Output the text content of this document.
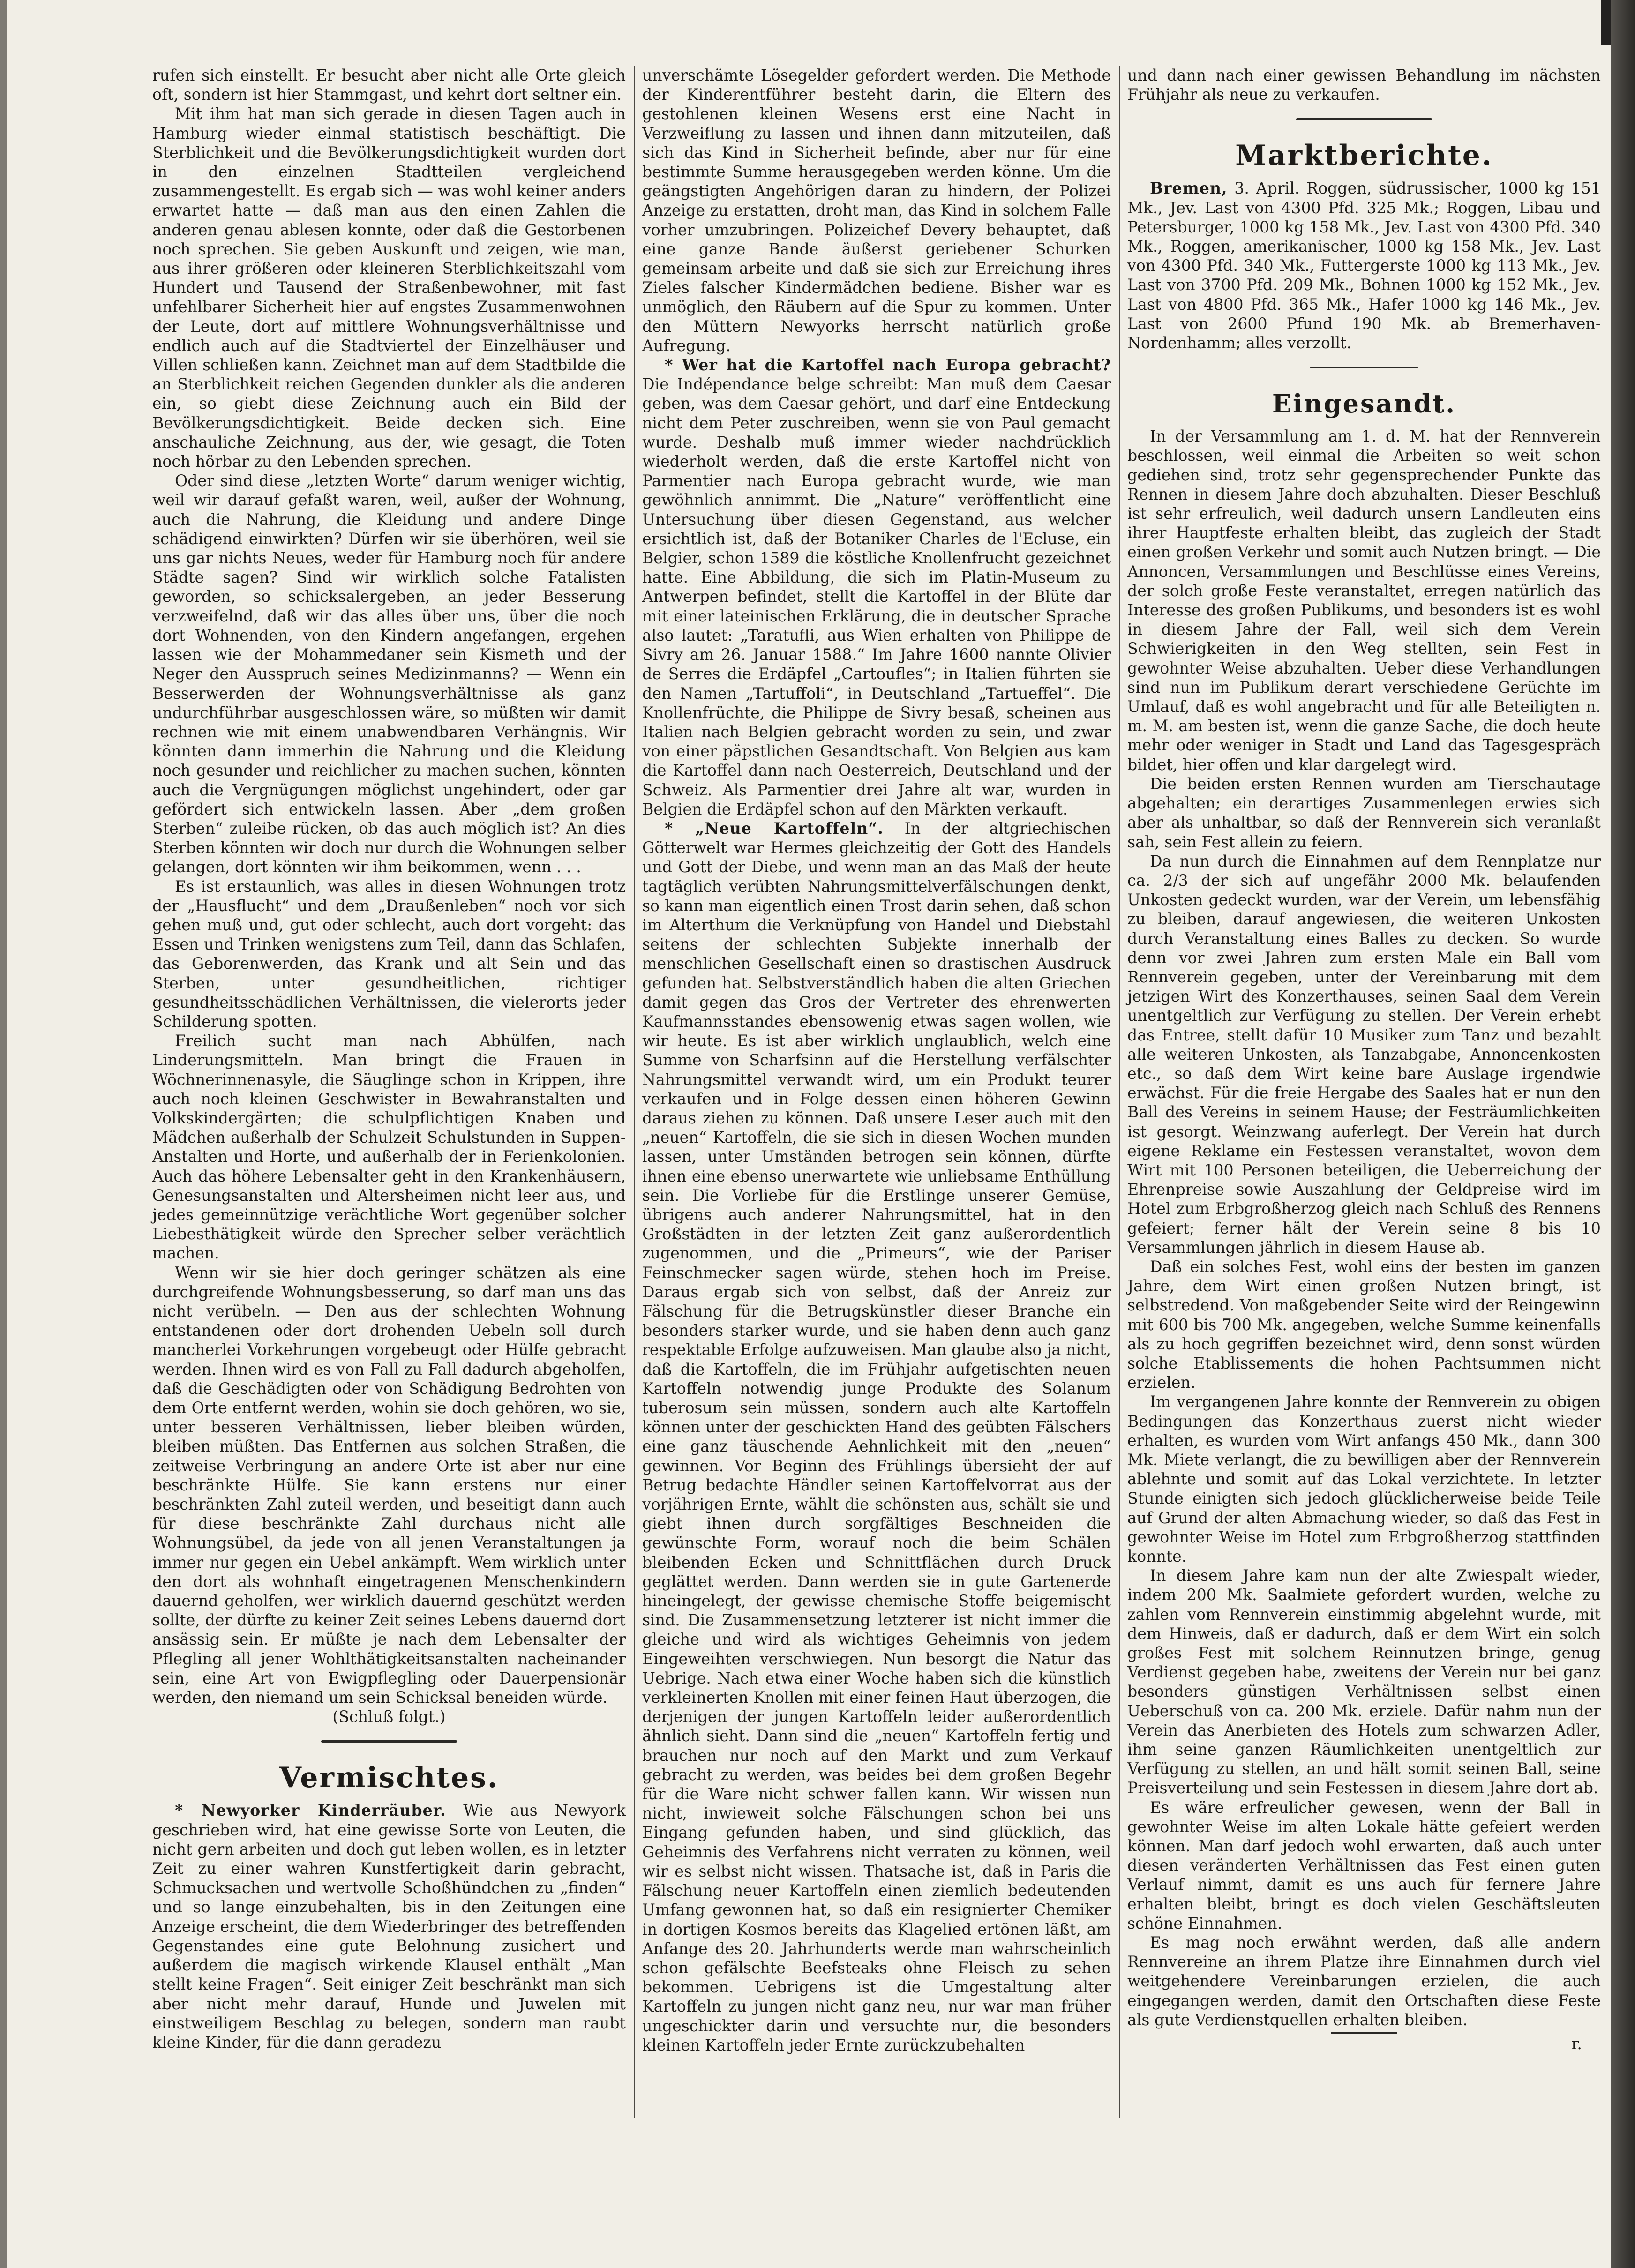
rufen sich einstellt. Er besucht aber nicht alle Orte gleich oft, sondern ist hier Stammgast, und kehrt dort seltner ein.

Mit ihm hat man sich gerade in diesen Tagen auch in Hamburg wieder einmal statistisch beschäftigt. Die Sterblichkeit und die Bevölkerungsdichtigkeit wurden dort in den einzelnen Stadtteilen vergleichend zusammengestellt. Es ergab sich — was wohl keiner anders erwartet hatte — daß man aus den einen Zahlen die anderen genau ablesen konnte, oder daß die Gestorbenen noch sprechen. Sie geben Auskunft und zeigen, wie man, aus ihrer größeren oder kleineren Sterblichkeitszahl vom Hundert und Tausend der Straßenbewohner, mit fast unfehlbarer Sicherheit hier auf engstes Zusammenwohnen der Leute, dort auf mittlere Wohnungsverhältnisse und endlich auch auf die Stadtviertel der Einzelhäuser und Villen schließen kann. Zeichnet man auf dem Stadtbilde die an Sterblichkeit reichen Gegenden dunkler als die anderen ein, so giebt diese Zeichnung auch ein Bild der Bevölkerungsdichtigkeit. Beide decken sich. Eine anschauliche Zeichnung, aus der, wie gesagt, die Toten noch hörbar zu den Lebenden sprechen.

Oder sind diese „letzten Worte“ darum weniger wichtig, weil wir darauf gefaßt waren, weil, außer der Wohnung, auch die Nahrung, die Kleidung und andere Dinge schädigend einwirkten? Dürfen wir sie überhören, weil sie uns gar nichts Neues, weder für Hamburg noch für andere Städte sagen? Sind wir wirklich solche Fatalisten geworden, so schicksalergeben, an jeder Besserung verzweifelnd, daß wir das alles über uns, über die noch dort Wohnenden, von den Kindern angefangen, ergehen lassen wie der Mohammedaner sein Kismeth und der Neger den Ausspruch seines Medizinmanns? — Wenn ein Besserwerden der Wohnungsverhältnisse als ganz undurchführbar ausgeschlossen wäre, so müßten wir damit rechnen wie mit einem unabwendbaren Verhängnis. Wir könnten dann immerhin die Nahrung und die Kleidung noch gesunder und reichlicher zu machen suchen, könnten auch die Vergnügungen möglichst ungehindert, oder gar gefördert sich entwickeln lassen. Aber „dem großen Sterben“ zuleibe rücken, ob das auch möglich ist? An dies Sterben könnten wir doch nur durch die Wohnungen selber gelangen, dort könnten wir ihm beikommen, wenn . . .

Es ist erstaunlich, was alles in diesen Wohnungen trotz der „Hausflucht“ und dem „Draußenleben“ noch vor sich gehen muß und, gut oder schlecht, auch dort vorgeht: das Essen und Trinken wenigstens zum Teil, dann das Schlafen, das Geborenwerden, das Krank und alt Sein und das Sterben, unter gesundheitlichen, richtiger gesundheitsschädlichen Verhältnissen, die vielerorts jeder Schilderung spotten.

Freilich sucht man nach Abhülfen, nach Linderungsmitteln. Man bringt die Frauen in Wöchnerinnenasyle, die Säuglinge schon in Krippen, ihre auch noch kleinen Geschwister in Bewahranstalten und Volkskindergärten; die schulpflichtigen Knaben und Mädchen außerhalb der Schulzeit Schulstunden in Suppen-Anstalten und Horte, und außerhalb der in Ferienkolonien. Auch das höhere Lebensalter geht in den Krankenhäusern, Genesungsanstalten und Altersheimen nicht leer aus, und jedes gemeinnützige verächtliche Wort gegenüber solcher Liebesthätigkeit würde den Sprecher selber verächtlich machen.

Wenn wir sie hier doch geringer schätzen als eine durchgreifende Wohnungsbesserung, so darf man uns das nicht verübeln. — Den aus der schlechten Wohnung entstandenen oder dort drohenden Uebeln soll durch mancherlei Vorkehrungen vorgebeugt oder Hülfe gebracht werden. Ihnen wird es von Fall zu Fall dadurch abgeholfen, daß die Geschädigten oder von Schädigung Bedrohten von dem Orte entfernt werden, wohin sie doch gehören, wo sie, unter besseren Verhältnissen, lieber bleiben würden, bleiben müßten. Das Entfernen aus solchen Straßen, die zeitweise Verbringung an andere Orte ist aber nur eine beschränkte Hülfe. Sie kann erstens nur einer beschränkten Zahl zuteil werden, und beseitigt dann auch für diese beschränkte Zahl durchaus nicht alle Wohnungsübel, da jede von all jenen Veranstaltungen ja immer nur gegen ein Uebel ankämpft. Wem wirklich unter den dort als wohnhaft eingetragenen Menschenkindern dauernd geholfen, wer wirklich dauernd geschützt werden sollte, der dürfte zu keiner Zeit seines Lebens dauernd dort ansässig sein. Er müßte je nach dem Lebensalter der Pflegling all jener Wohlthätigkeitsanstalten nacheinander sein, eine Art von Ewigpflegling oder Dauerpensionär werden, den niemand um sein Schicksal beneiden würde.

(Schluß folgt.)

Vermischtes.

* Newyorker Kinderräuber. Wie aus Newyork geschrieben wird, hat eine gewisse Sorte von Leuten, die nicht gern arbeiten und doch gut leben wollen, es in letzter Zeit zu einer wahren Kunstfertigkeit darin gebracht, Schmucksachen und wertvolle Schoßhündchen zu „finden“ und so lange einzubehalten, bis in den Zeitungen eine Anzeige erscheint, die dem Wiederbringer des betreffenden Gegenstandes eine gute Belohnung zusichert und außerdem die magisch wirkende Klausel enthält „Man stellt keine Fragen“. Seit einiger Zeit beschränkt man sich aber nicht mehr darauf, Hunde und Juwelen mit einstweiligem Beschlag zu belegen, sondern man raubt kleine Kinder, für die dann geradezu

unverschämte Lösegelder gefordert werden. Die Methode der Kinderentführer besteht darin, die Eltern des gestohlenen kleinen Wesens erst eine Nacht in Verzweiflung zu lassen und ihnen dann mitzuteilen, daß sich das Kind in Sicherheit befinde, aber nur für eine bestimmte Summe herausgegeben werden könne. Um die geängstigten Angehörigen daran zu hindern, der Polizei Anzeige zu erstatten, droht man, das Kind in solchem Falle vorher umzubringen. Polizeichef Devery behauptet, daß eine ganze Bande äußerst geriebener Schurken gemeinsam arbeite und daß sie sich zur Erreichung ihres Zieles falscher Kindermädchen bediene. Bisher war es unmöglich, den Räubern auf die Spur zu kommen. Unter den Müttern Newyorks herrscht natürlich große Aufregung.

* Wer hat die Kartoffel nach Europa gebracht? Die Indépendance belge schreibt: Man muß dem Caesar geben, was dem Caesar gehört, und darf eine Entdeckung nicht dem Peter zuschreiben, wenn sie von Paul gemacht wurde. Deshalb muß immer wieder nachdrücklich wiederholt werden, daß die erste Kartoffel nicht von Parmentier nach Europa gebracht wurde, wie man gewöhnlich annimmt. Die „Nature“ veröffentlicht eine Untersuchung über diesen Gegenstand, aus welcher ersichtlich ist, daß der Botaniker Charles de l'Ecluse, ein Belgier, schon 1589 die köstliche Knollenfrucht gezeichnet hatte. Eine Abbildung, die sich im Platin-Museum zu Antwerpen befindet, stellt die Kartoffel in der Blüte dar mit einer lateinischen Erklärung, die in deutscher Sprache also lautet: „Taratufli, aus Wien erhalten von Philippe de Sivry am 26. Januar 1588.“ Im Jahre 1600 nannte Olivier de Serres die Erdäpfel „Cartoufles“; in Italien führten sie den Namen „Tartuffoli“, in Deutschland „Tartueffel“. Die Knollenfrüchte, die Philippe de Sivry besaß, scheinen aus Italien nach Belgien gebracht worden zu sein, und zwar von einer päpstlichen Gesandtschaft. Von Belgien aus kam die Kartoffel dann nach Oesterreich, Deutschland und der Schweiz. Als Parmentier drei Jahre alt war, wurden in Belgien die Erdäpfel schon auf den Märkten verkauft.

* „Neue Kartoffeln“. In der altgriechischen Götterwelt war Hermes gleichzeitig der Gott des Handels und Gott der Diebe, und wenn man an das Maß der heute tagtäglich verübten Nahrungsmittelverfälschungen denkt, so kann man eigentlich einen Trost darin sehen, daß schon im Alterthum die Verknüpfung von Handel und Diebstahl seitens der schlechten Subjekte innerhalb der menschlichen Gesellschaft einen so drastischen Ausdruck gefunden hat. Selbstverständlich haben die alten Griechen damit gegen das Gros der Vertreter des ehrenwerten Kaufmannsstandes ebensowenig etwas sagen wollen, wie wir heute. Es ist aber wirklich unglaublich, welch eine Summe von Scharfsinn auf die Herstellung verfälschter Nahrungsmittel verwandt wird, um ein Produkt teurer verkaufen und in Folge dessen einen höheren Gewinn daraus ziehen zu können. Daß unsere Leser auch mit den „neuen“ Kartoffeln, die sie sich in diesen Wochen munden lassen, unter Umständen betrogen sein können, dürfte ihnen eine ebenso unerwartete wie unliebsame Enthüllung sein. Die Vorliebe für die Erstlinge unserer Gemüse, übrigens auch anderer Nahrungsmittel, hat in den Großstädten in der letzten Zeit ganz außerordentlich zugenommen, und die „Primeurs“, wie der Pariser Feinschmecker sagen würde, stehen hoch im Preise. Daraus ergab sich von selbst, daß der Anreiz zur Fälschung für die Betrugskünstler dieser Branche ein besonders starker wurde, und sie haben denn auch ganz respektable Erfolge aufzuweisen. Man glaube also ja nicht, daß die Kartoffeln, die im Frühjahr aufgetischten neuen Kartoffeln notwendig junge Produkte des Solanum tuberosum sein müssen, sondern auch alte Kartoffeln können unter der geschickten Hand des geübten Fälschers eine ganz täuschende Aehnlichkeit mit den „neuen“ gewinnen. Vor Beginn des Frühlings übersieht der auf Betrug bedachte Händler seinen Kartoffelvorrat aus der vorjährigen Ernte, wählt die schönsten aus, schält sie und giebt ihnen durch sorgfältiges Beschneiden die gewünschte Form, worauf noch die beim Schälen bleibenden Ecken und Schnittflächen durch Druck geglättet werden. Dann werden sie in gute Gartenerde hineingelegt, der gewisse chemische Stoffe beigemischt sind. Die Zusammensetzung letzterer ist nicht immer die gleiche und wird als wichtiges Geheimnis von jedem Eingeweihten verschwiegen. Nun besorgt die Natur das Uebrige. Nach etwa einer Woche haben sich die künstlich verkleinerten Knollen mit einer feinen Haut überzogen, die derjenigen der jungen Kartoffeln leider außerordentlich ähnlich sieht. Dann sind die „neuen“ Kartoffeln fertig und brauchen nur noch auf den Markt und zum Verkauf gebracht zu werden, was beides bei dem großen Begehr für die Ware nicht schwer fallen kann. Wir wissen nun nicht, inwieweit solche Fälschungen schon bei uns Eingang gefunden haben, und sind glücklich, das Geheimnis des Verfahrens nicht verraten zu können, weil wir es selbst nicht wissen. Thatsache ist, daß in Paris die Fälschung neuer Kartoffeln einen ziemlich bedeutenden Umfang gewonnen hat, so daß ein resignierter Chemiker in dortigen Kosmos bereits das Klagelied ertönen läßt, am Anfange des 20. Jahrhunderts werde man wahrscheinlich schon gefälschte Beefsteaks ohne Fleisch zu sehen bekommen. Uebrigens ist die Umgestaltung alter Kartoffeln zu jungen nicht ganz neu, nur war man früher ungeschickter darin und versuchte nur, die besonders kleinen Kartoffeln jeder Ernte zurückzubehalten

und dann nach einer gewissen Behandlung im nächsten Frühjahr als neue zu verkaufen.

Marktberichte.

Bremen, 3. April. Roggen, südrussischer, 1000 kg 151 Mk., Jev. Last von 4300 Pfd. 325 Mk.; Roggen, Libau und Petersburger, 1000 kg 158 Mk., Jev. Last von 4300 Pfd. 340 Mk., Roggen, amerikanischer, 1000 kg 158 Mk., Jev. Last von 4300 Pfd. 340 Mk., Futtergerste 1000 kg 113 Mk., Jev. Last von 3700 Pfd. 209 Mk., Bohnen 1000 kg 152 Mk., Jev. Last von 4800 Pfd. 365 Mk., Hafer 1000 kg 146 Mk., Jev. Last von 2600 Pfund 190 Mk. ab Bremerhaven-Nordenhamm; alles verzollt.

Eingesandt.

In der Versammlung am 1. d. M. hat der Rennverein beschlossen, weil einmal die Arbeiten so weit schon gediehen sind, trotz sehr gegensprechender Punkte das Rennen in diesem Jahre doch abzuhalten. Dieser Beschluß ist sehr erfreulich, weil dadurch unsern Landleuten eins ihrer Hauptfeste erhalten bleibt, das zugleich der Stadt einen großen Verkehr und somit auch Nutzen bringt. — Die Annoncen, Versammlungen und Beschlüsse eines Vereins, der solch große Feste veranstaltet, erregen natürlich das Interesse des großen Publikums, und besonders ist es wohl in diesem Jahre der Fall, weil sich dem Verein Schwierigkeiten in den Weg stellten, sein Fest in gewohnter Weise abzuhalten. Ueber diese Verhandlungen sind nun im Publikum derart verschiedene Gerüchte im Umlauf, daß es wohl angebracht und für alle Beteiligten n. m. M. am besten ist, wenn die ganze Sache, die doch heute mehr oder weniger in Stadt und Land das Tagesgespräch bildet, hier offen und klar dargelegt wird.

Die beiden ersten Rennen wurden am Tierschautage abgehalten; ein derartiges Zusammenlegen erwies sich aber als unhaltbar, so daß der Rennverein sich veranlaßt sah, sein Fest allein zu feiern.

Da nun durch die Einnahmen auf dem Rennplatze nur ca. 2/3 der sich auf ungefähr 2000 Mk. belaufenden Unkosten gedeckt wurden, war der Verein, um lebensfähig zu bleiben, darauf angewiesen, die weiteren Unkosten durch Veranstaltung eines Balles zu decken. So wurde denn vor zwei Jahren zum ersten Male ein Ball vom Rennverein gegeben, unter der Vereinbarung mit dem jetzigen Wirt des Konzerthauses, seinen Saal dem Verein unentgeltlich zur Verfügung zu stellen. Der Verein erhebt das Entree, stellt dafür 10 Musiker zum Tanz und bezahlt alle weiteren Unkosten, als Tanzabgabe, Annoncenkosten etc., so daß dem Wirt keine bare Auslage irgendwie erwächst. Für die freie Hergabe des Saales hat er nun den Ball des Vereins in seinem Hause; der Festräumlichkeiten ist gesorgt. Weinzwang auferlegt. Der Verein hat durch eigene Reklame ein Festessen veranstaltet, wovon dem Wirt mit 100 Personen beteiligen, die Ueberreichung der Ehrenpreise sowie Auszahlung der Geldpreise wird im Hotel zum Erbgroßherzog gleich nach Schluß des Rennens gefeiert; ferner hält der Verein seine 8 bis 10 Versammlungen jährlich in diesem Hause ab.

Daß ein solches Fest, wohl eins der besten im ganzen Jahre, dem Wirt einen großen Nutzen bringt, ist selbstredend. Von maßgebender Seite wird der Reingewinn mit 600 bis 700 Mk. angegeben, welche Summe keinenfalls als zu hoch gegriffen bezeichnet wird, denn sonst würden solche Etablissements die hohen Pachtsummen nicht erzielen.

Im vergangenen Jahre konnte der Rennverein zu obigen Bedingungen das Konzerthaus zuerst nicht wieder erhalten, es wurden vom Wirt anfangs 450 Mk., dann 300 Mk. Miete verlangt, die zu bewilligen aber der Rennverein ablehnte und somit auf das Lokal verzichtete. In letzter Stunde einigten sich jedoch glücklicherweise beide Teile auf Grund der alten Abmachung wieder, so daß das Fest in gewohnter Weise im Hotel zum Erbgroßherzog stattfinden konnte.

In diesem Jahre kam nun der alte Zwiespalt wieder, indem 200 Mk. Saalmiete gefordert wurden, welche zu zahlen vom Rennverein einstimmig abgelehnt wurde, mit dem Hinweis, daß er dadurch, daß er dem Wirt ein solch großes Fest mit solchem Reinnutzen bringe, genug Verdienst gegeben habe, zweitens der Verein nur bei ganz besonders günstigen Verhältnissen selbst einen Ueberschuß von ca. 200 Mk. erziele. Dafür nahm nun der Verein das Anerbieten des Hotels zum schwarzen Adler, ihm seine ganzen Räumlichkeiten unentgeltlich zur Verfügung zu stellen, an und hält somit seinen Ball, seine Preisverteilung und sein Festessen in diesem Jahre dort ab.

Es wäre erfreulicher gewesen, wenn der Ball in gewohnter Weise im alten Lokale hätte gefeiert werden können. Man darf jedoch wohl erwarten, daß auch unter diesen veränderten Verhältnissen das Fest einen guten Verlauf nimmt, damit es uns auch für fernere Jahre erhalten bleibt, bringt es doch vielen Geschäftsleuten schöne Einnahmen.

Es mag noch erwähnt werden, daß alle andern Rennvereine an ihrem Platze ihre Einnahmen durch viel weitgehendere Vereinbarungen erzielen, die auch eingegangen werden, damit den Ortschaften diese Feste als gute Verdienstquellen erhalten bleiben.

r.
